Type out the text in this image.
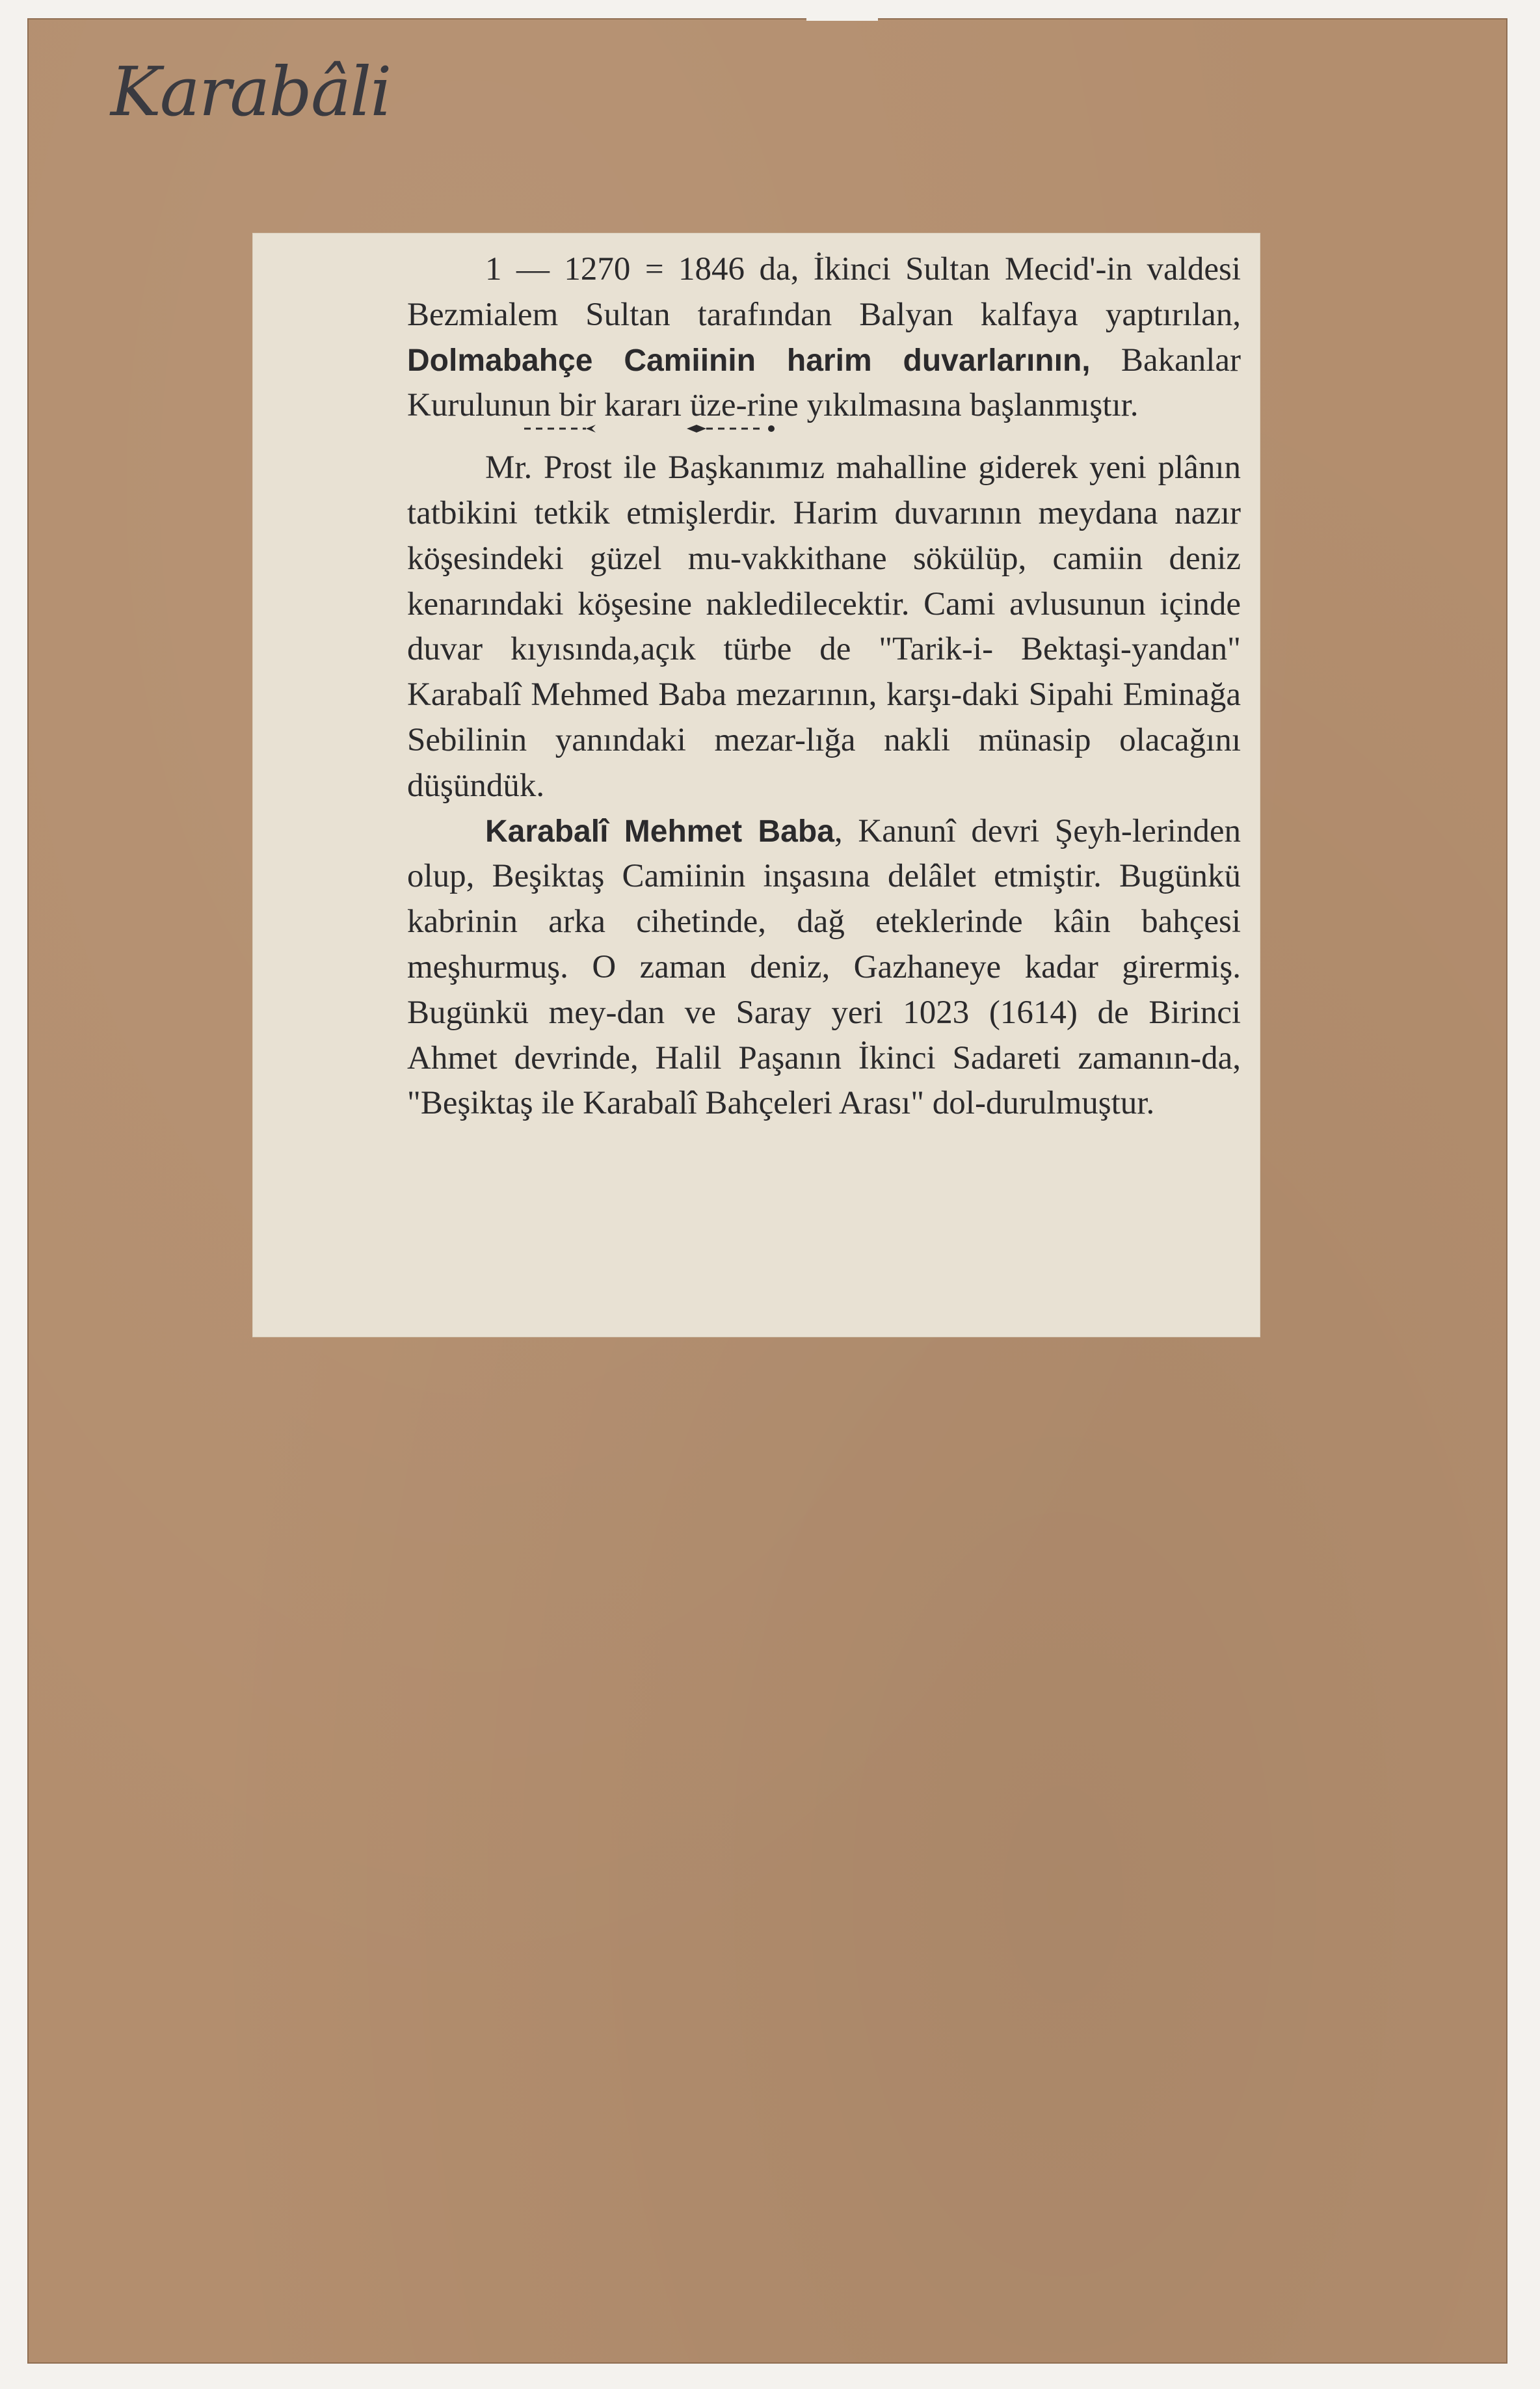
Karabâli

1 — 1270 = 1846 da, İkinci Sultan Mecid'-in valdesi Bezmialem Sultan tarafından Balyan kalfaya yaptırılan, Dolmabahçe Camiinin harim duvarlarının, Bakanlar Kurulunun bir kararı üze-rine yıkılmasına başlanmıştır.

Mr. Prost ile Başkanımız mahalline giderek yeni plânın tatbikini tetkik etmişlerdir. Harim duvarının meydana nazır köşesindeki güzel mu-vakkithane sökülüp, camiin deniz kenarındaki köşesine nakledilecektir. Cami avlusunun içinde duvar kıyısında,açık türbe de "Tarik-i- Bektaşi-yandan" Karabalî Mehmed Baba mezarının, karşı-daki Sipahi Eminağa Sebilinin yanındaki mezar-lığa nakli münasip olacağını düşündük.

Karabalî Mehmet Baba, Kanunî devri Şeyh-lerinden olup, Beşiktaş Camiinin inşasına delâlet etmiştir. Bugünkü kabrinin arka cihetinde, dağ eteklerinde kâin bahçesi meşhurmuş. O zaman deniz, Gazhaneye kadar girermiş. Bugünkü mey-dan ve Saray yeri 1023 (1614) de Birinci Ahmet devrinde, Halil Paşanın İkinci Sadareti zamanın-da, "Beşiktaş ile Karabalî Bahçeleri Arası" dol-durulmuştur.
